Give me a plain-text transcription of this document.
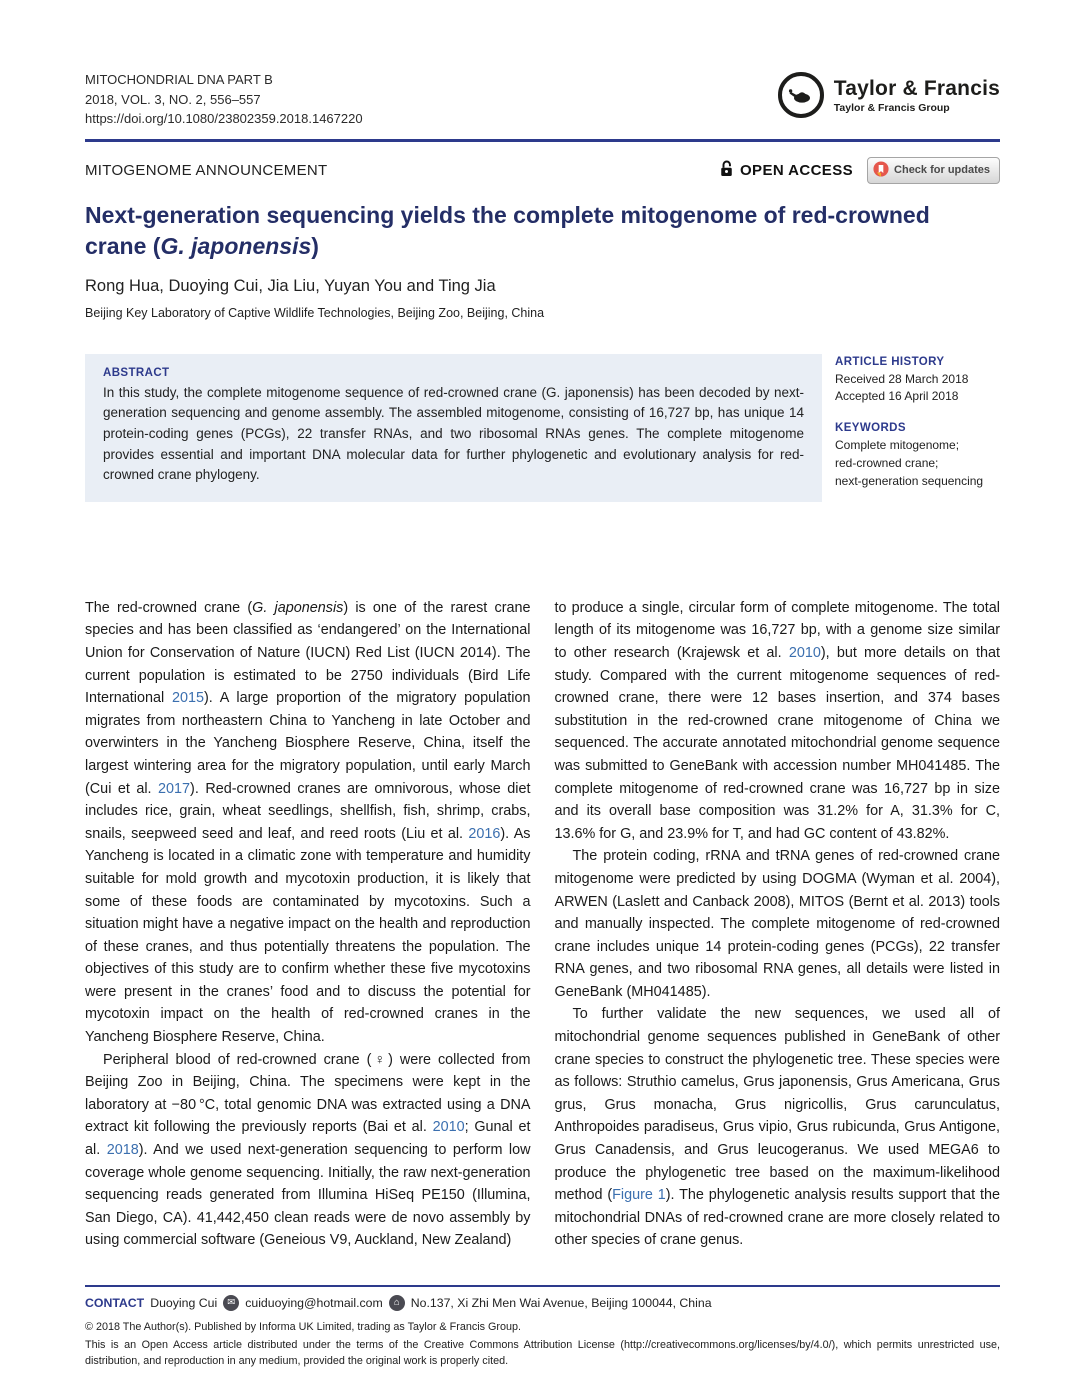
MITOCHONDRIAL DNA PART B
2018, VOL. 3, NO. 2, 556–557
https://doi.org/10.1080/23802359.2018.1467220
Taylor & Francis
Taylor & Francis Group
MITOGENOME ANNOUNCEMENT	OPEN ACCESS	Check for updates
Next-generation sequencing yields the complete mitogenome of red-crowned crane (G. japonensis)
Rong Hua, Duoying Cui, Jia Liu, Yuyan You and Ting Jia
Beijing Key Laboratory of Captive Wildlife Technologies, Beijing Zoo, Beijing, China
ABSTRACT
In this study, the complete mitogenome sequence of red-crowned crane (G. japonensis) has been decoded by next-generation sequencing and genome assembly. The assembled mitogenome, consisting of 16,727 bp, has unique 14 protein-coding genes (PCGs), 22 transfer RNAs, and two ribosomal RNAs genes. The complete mitogenome provides essential and important DNA molecular data for further phylogenetic and evolutionary analysis for red-crowned crane phylogeny.
ARTICLE HISTORY
Received 28 March 2018
Accepted 16 April 2018
KEYWORDS
Complete mitogenome;
red-crowned crane;
next-generation sequencing

The red-crowned crane (G. japonensis) is one of the rarest crane species and has been classified as ‘endangered’ on the International Union for Conservation of Nature (IUCN) Red List (IUCN 2014). The current population is estimated to be 2750 individuals (Bird Life International 2015). A large proportion of the migratory population migrates from northeastern China to Yancheng in late October and overwinters in the Yancheng Biosphere Reserve, China, itself the largest wintering area for the migratory population, until early March (Cui et al. 2017). Red-crowned cranes are omnivorous, whose diet includes rice, grain, wheat seedlings, shellfish, fish, shrimp, crabs, snails, seepweed seed and leaf, and reed roots (Liu et al. 2016). As Yancheng is located in a climatic zone with temperature and humidity suitable for mold growth and mycotoxin production, it is likely that some of these foods are contaminated by mycotoxins. Such a situation might have a negative impact on the health and reproduction of these cranes, and thus potentially threatens the population. The objectives of this study are to confirm whether these five mycotoxins were present in the cranes’ food and to discuss the potential for mycotoxin impact on the health of red-crowned cranes in the Yancheng Biosphere Reserve, China.

Peripheral blood of red-crowned crane (♀) were collected from Beijing Zoo in Beijing, China. The specimens were kept in the laboratory at −80 °C, total genomic DNA was extracted using a DNA extract kit following the previously reports (Bai et al. 2010; Gunal et al. 2018). And we used next-generation sequencing to perform low coverage whole genome sequencing. Initially, the raw next-generation sequencing reads generated from Illumina HiSeq PE150 (Illumina, San Diego, CA). 41,442,450 clean reads were de novo assembly by using commercial software (Geneious V9, Auckland, New Zealand)

to produce a single, circular form of complete mitogenome. The total length of its mitogenome was 16,727 bp, with a genome size similar to other research (Krajewsk et al. 2010), but more details on that study. Compared with the current mitogenome sequences of red-crowned crane, there were 12 bases insertion, and 374 bases substitution in the red-crowned crane mitogenome of China we sequenced. The accurate annotated mitochondrial genome sequence was submitted to GeneBank with accession number MH041485. The complete mitogenome of red-crowned crane was 16,727 bp in size and its overall base composition was 31.2% for A, 31.3% for C, 13.6% for G, and 23.9% for T, and had GC content of 43.82%.

The protein coding, rRNA and tRNA genes of red-crowned crane mitogenome were predicted by using DOGMA (Wyman et al. 2004), ARWEN (Laslett and Canback 2008), MITOS (Bernt et al. 2013) tools and manually inspected. The complete mitogenome of red-crowned crane includes unique 14 protein-coding genes (PCGs), 22 transfer RNA genes, and two ribosomal RNA genes, all details were listed in GeneBank (MH041485).

To further validate the new sequences, we used all of mitochondrial genome sequences published in GeneBank of other crane species to construct the phylogenetic tree. These species were as follows: Struthio camelus, Grus japonensis, Grus Americana, Grus grus, Grus monacha, Grus nigricollis, Grus carunculatus, Anthropoides paradiseus, Grus vipio, Grus rubicunda, Grus Antigone, Grus Canadensis, and Grus leucogeranus. We used MEGA6 to produce the phylogenetic tree based on the maximum-likelihood method (Figure 1). The phylogenetic analysis results support that the mitochondrial DNAs of red-crowned crane are more closely related to other species of crane genus.

CONTACT Duoying Cui	✉ cuiduoying@hotmail.com	⌂ No.137, Xi Zhi Men Wai Avenue, Beijing 100044, China
© 2018 The Author(s). Published by Informa UK Limited, trading as Taylor & Francis Group.
This is an Open Access article distributed under the terms of the Creative Commons Attribution License (http://creativecommons.org/licenses/by/4.0/), which permits unrestricted use, distribution, and reproduction in any medium, provided the original work is properly cited.
